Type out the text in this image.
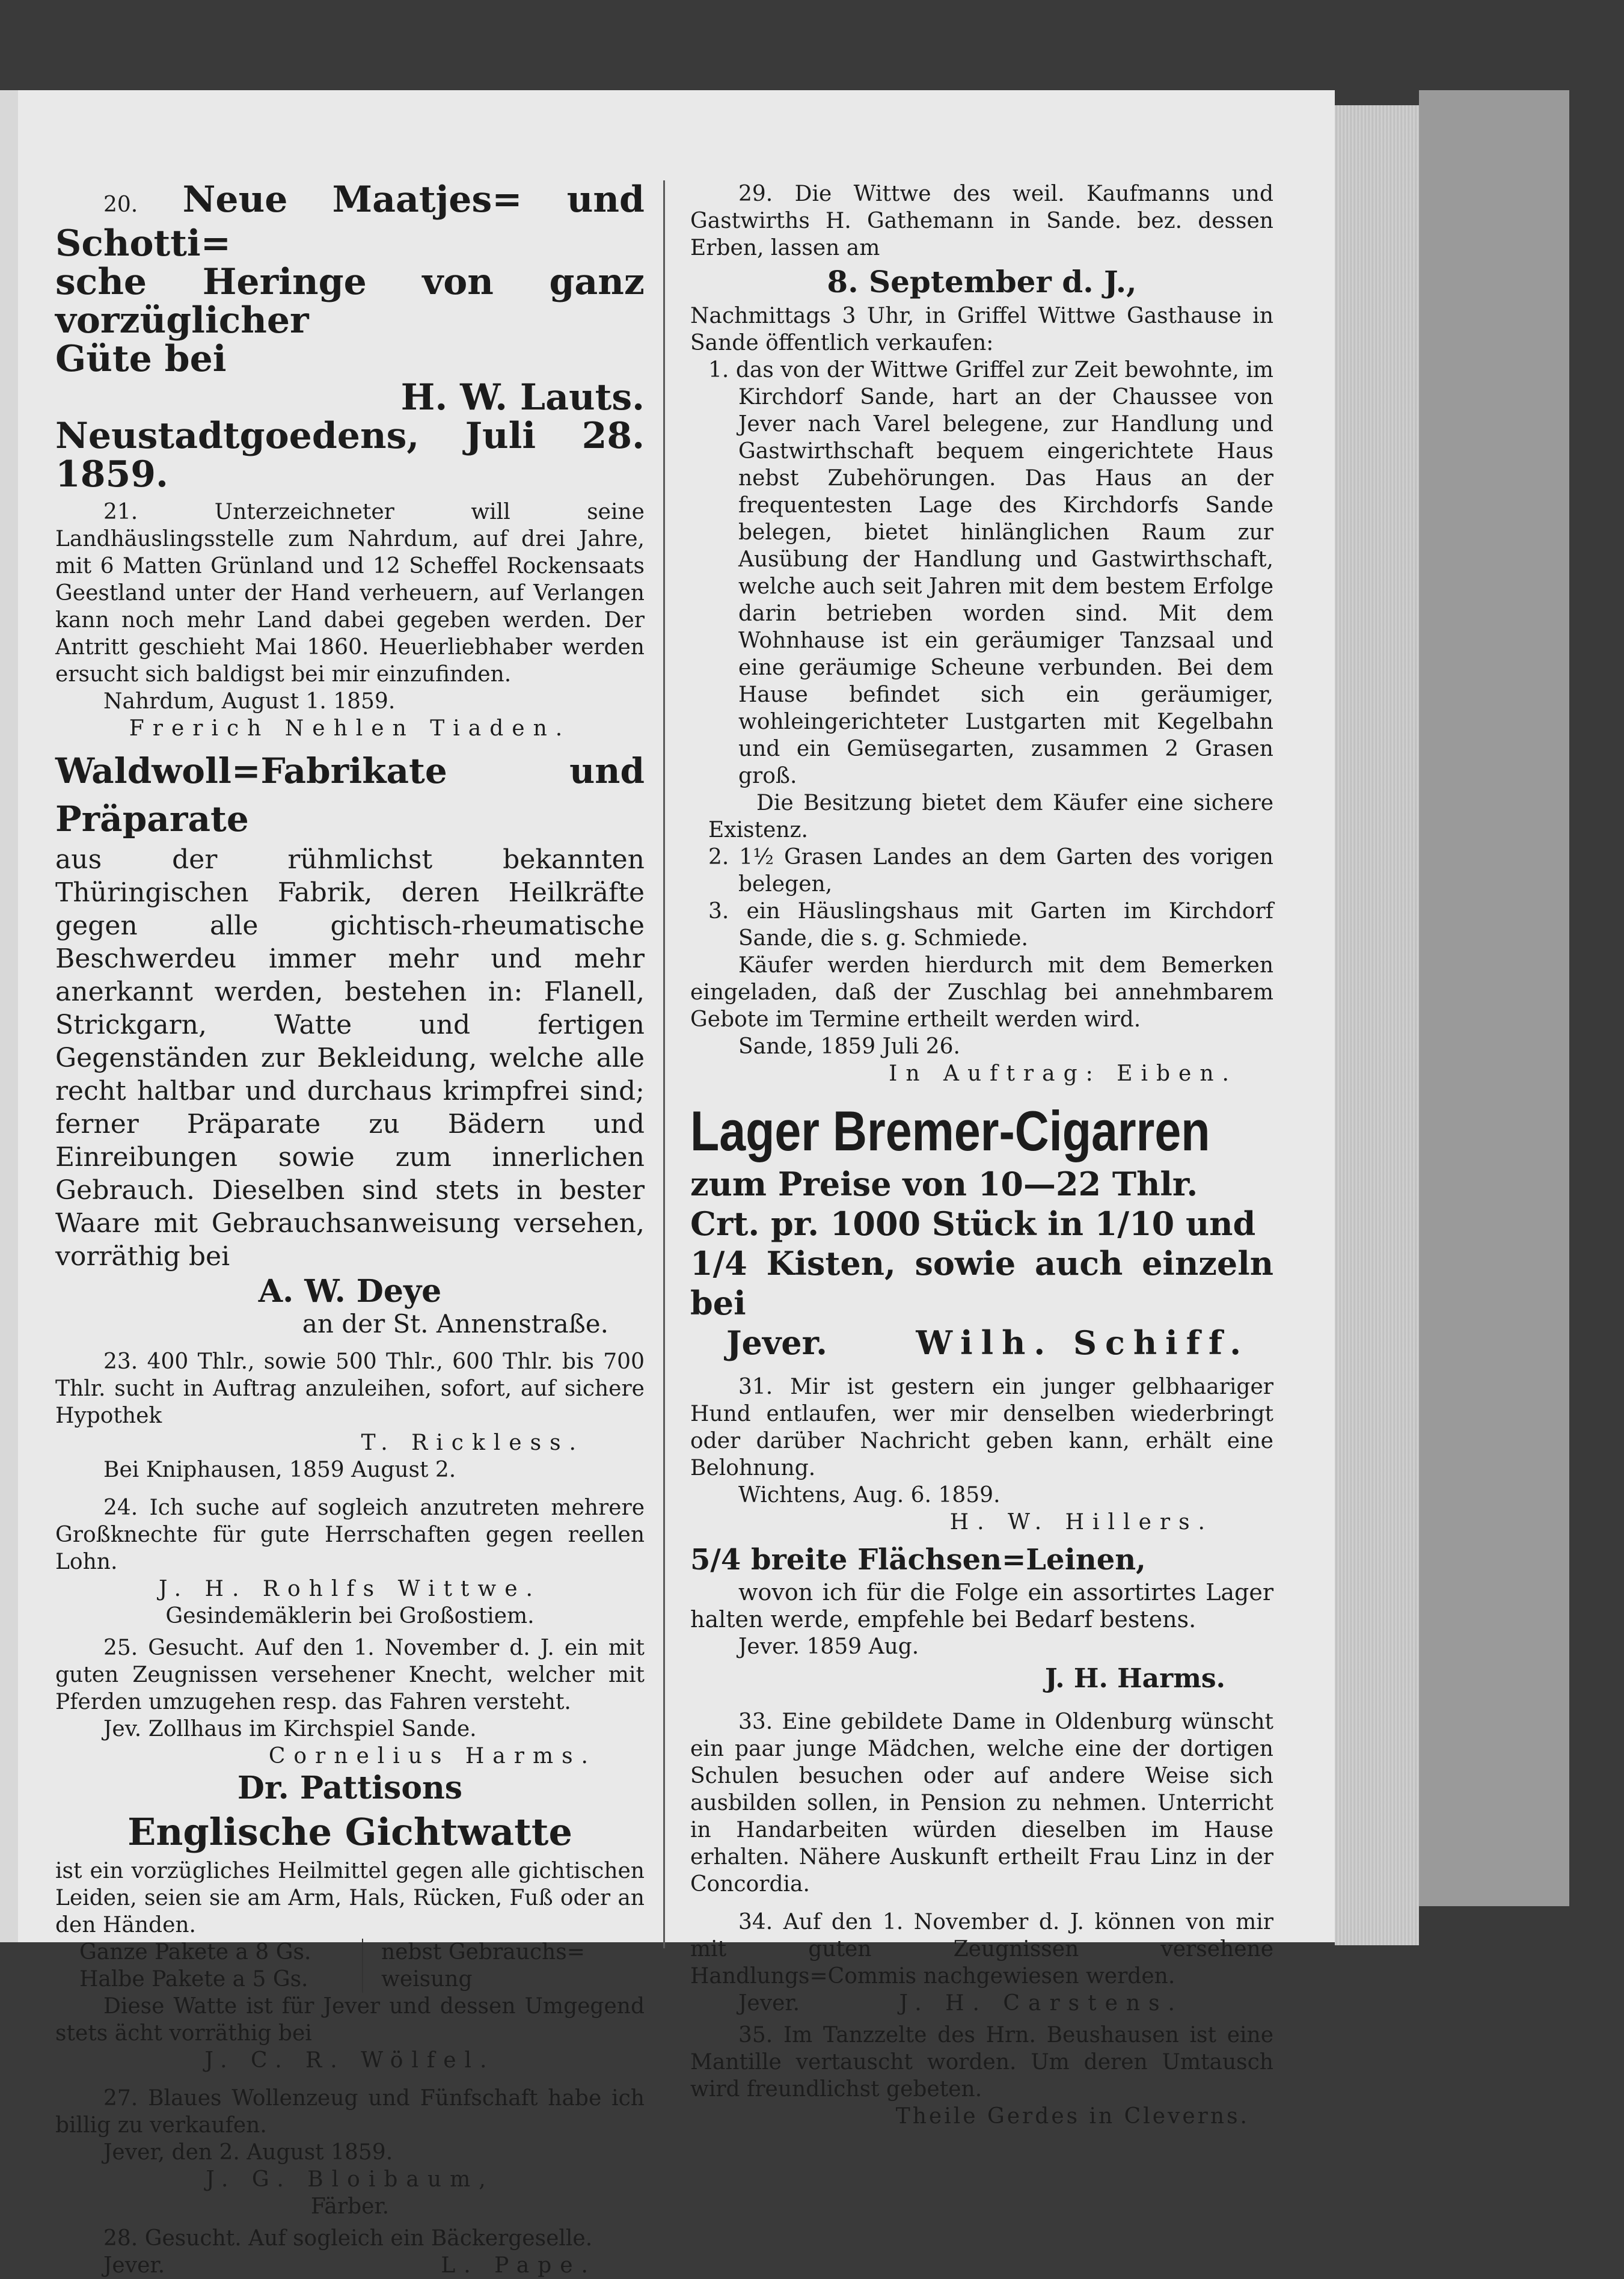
20. Neue Maatjes= und Schotti=

sche Heringe von ganz vorzüglicher

Güte bei

H. W. Lauts.

Neustadtgoedens, Juli 28. 1859.

21. Unterzeichneter will seine Landhäuslingsstelle zum Nahrdum, auf drei Jahre, mit 6 Matten Grünland und 12 Scheffel Rockensaats Geestland unter der Hand verheuern, auf Verlangen kann noch mehr Land dabei gegeben werden. Der Antritt geschieht Mai 1860. Heuerliebhaber werden ersucht sich baldigst bei mir einzufinden.

Nahrdum, August 1. 1859.

Frerich Nehlen Tiaden.

Waldwoll=Fabrikate und Präparate

aus der rühmlichst bekannten Thüringischen Fabrik, deren Heilkräfte gegen alle gichtisch-rheumatische Beschwerdeu immer mehr und mehr anerkannt werden, bestehen in: Flanell, Strickgarn, Watte und fertigen Gegenständen zur Bekleidung, welche alle recht haltbar und durchaus krimpfrei sind; ferner Präparate zu Bädern und Einreibungen sowie zum innerlichen Gebrauch. Dieselben sind stets in bester Waare mit Gebrauchsanweisung versehen, vorräthig bei

A. W. Deye

an der St. Annenstraße.

23. 400 Thlr., sowie 500 Thlr., 600 Thlr. bis 700 Thlr. sucht in Auftrag anzuleihen, sofort, auf sichere Hypothek

T. Rickless.

Bei Kniphausen, 1859 August 2.

24. Ich suche auf sogleich anzutreten mehrere Großknechte für gute Herrschaften gegen reellen Lohn.

J. H. Rohlfs Wittwe.

Gesindemäklerin bei Großostiem.

25. Gesucht. Auf den 1. November d. J. ein mit guten Zeugnissen versehener Knecht, welcher mit Pferden umzugehen resp. das Fahren versteht.

Jev. Zollhaus im Kirchspiel Sande.

Cornelius Harms.

Dr. Pattisons

Englische Gichtwatte

ist ein vorzügliches Heilmittel gegen alle gichtischen Leiden, seien sie am Arm, Hals, Rücken, Fuß oder an den Händen.

Ganze Pakete a 8 Gs.

Halbe Pakete a 5 Gs.

nebst Gebrauchs=

weisung

Diese Watte ist für Jever und dessen Umgegend stets ächt vorräthig bei

J. C. R. Wölfel.

27. Blaues Wollenzeug und Fünfschaft habe ich billig zu verkaufen.

Jever, den 2. August 1859.

J. G. Bloibaum,

Färber.

28. Gesucht. Auf sogleich ein Bäckergeselle.

Jever.	L. Pape.

29. Die Wittwe des weil. Kaufmanns und Gastwirths H. Gathemann in Sande. bez. dessen Erben, lassen am

8. September d. J.,

Nachmittags 3 Uhr, in Griffel Wittwe Gasthause in Sande öffentlich verkaufen:

1. das von der Wittwe Griffel zur Zeit bewohnte, im Kirchdorf Sande, hart an der Chaussee von Jever nach Varel belegene, zur Handlung und Gastwirthschaft bequem eingerichtete Haus nebst Zubehörungen. Das Haus an der frequentesten Lage des Kirchdorfs Sande belegen, bietet hinlänglichen Raum zur Ausübung der Handlung und Gastwirthschaft, welche auch seit Jahren mit dem bestem Erfolge darin betrieben worden sind. Mit dem Wohnhause ist ein geräumiger Tanzsaal und eine geräumige Scheune verbunden. Bei dem Hause befindet sich ein geräumiger, wohleingerichteter Lustgarten mit Kegelbahn und ein Gemüsegarten, zusammen 2 Grasen groß.

Die Besitzung bietet dem Käufer eine sichere Existenz.

2. 1½ Grasen Landes an dem Garten des vorigen belegen,

3. ein Häuslingshaus mit Garten im Kirchdorf Sande, die s. g. Schmiede.

Käufer werden hierdurch mit dem Bemerken eingeladen, daß der Zuschlag bei annehmbarem Gebote im Termine ertheilt werden wird.

Sande, 1859 Juli 26.

In Auftrag: Eiben.

Lager Bremer-Cigarren

zum Preise von 10—22 Thlr.

Crt. pr. 1000 Stück in 1/10 und

1/4 Kisten, sowie auch einzeln bei

Jever.	Wilh. Schiff.

31. Mir ist gestern ein junger gelbhaariger Hund entlaufen, wer mir denselben wiederbringt oder darüber Nachricht geben kann, erhält eine Belohnung.

Wichtens, Aug. 6. 1859.

H. W. Hillers.

5/4 breite Flächsen=Leinen,

wovon ich für die Folge ein assortirtes Lager halten werde, empfehle bei Bedarf bestens.

Jever. 1859 Aug.

J. H. Harms.

33. Eine gebildete Dame in Oldenburg wünscht ein paar junge Mädchen, welche eine der dortigen Schulen besuchen oder auf andere Weise sich ausbilden sollen, in Pension zu nehmen. Unterricht in Handarbeiten würden dieselben im Hause erhalten. Nähere Auskunft ertheilt Frau Linz in der Concordia.

34. Auf den 1. November d. J. können von mir mit guten Zeugnissen versehene Handlungs=Commis nachgewiesen werden.

Jever.	J. H. Carstens.

35. Im Tanzzelte des Hrn. Beushausen ist eine Mantille vertauscht worden. Um deren Umtausch wird freundlichst gebeten.

Theile Gerdes in Cleverns.
